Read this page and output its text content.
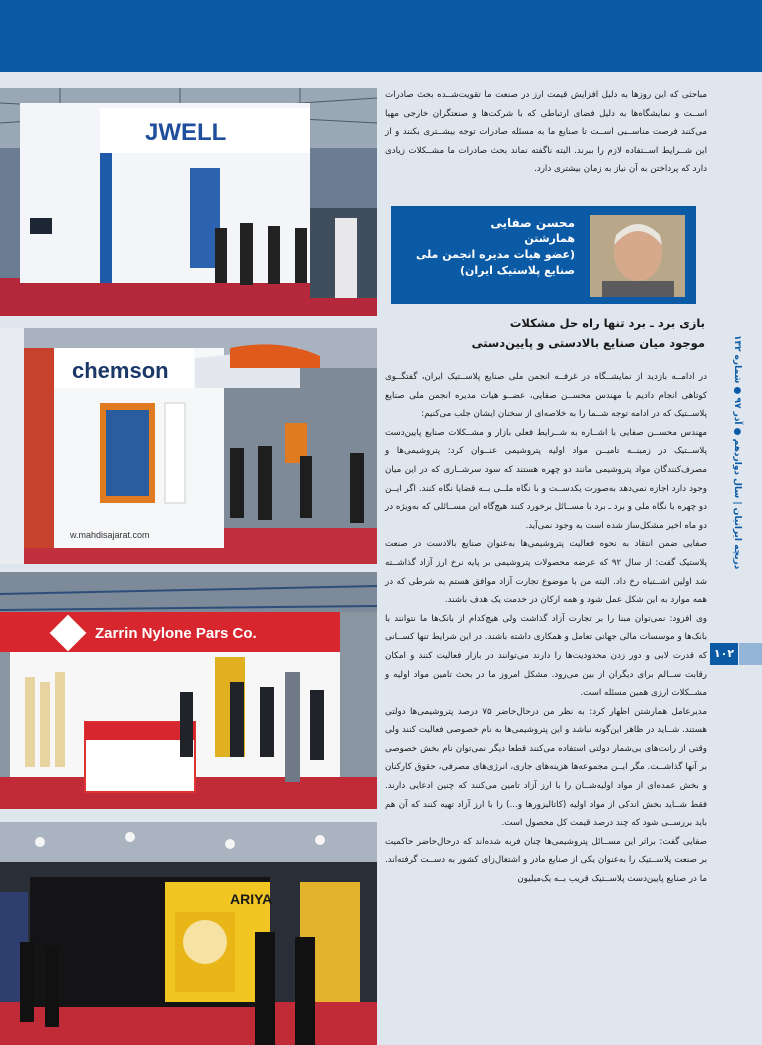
JWELL
chemson
w.mahdisajarat.com
Zarrin Nylone Pars Co.
ARIYA

مباحثی که این روزها به دلیل افزایش قیمت ارز در صنعت ما تقویت‌شــده بحث صادرات اســت و نمایشگاه‌ها به دلیل فضای ارتباطی که با شرکت‌ها و صنعتگران خارجی مهیا می‌کنند فرصت مناســبی اســت تا صنایع ما به مسئله صادرات توجه بیشــتری بکنند و از این شــرایط اســتفاده لازم را ببرند. البته ناگفته نماند بحث صادرات ما مشــکلات زیادی دارد که پرداختن به آن نیاز به زمان بیشتری دارد.

محسن صفایی
همارشتن
(عضو هیات مدیره انجمن ملی
صنایع پلاستیک ایران)
بازی برد ـ برد تنها راه حل مشکلات
موجود میان صنایع بالادستی و پایین‌دستی

در ادامــه بازدید از نمایشــگاه در غرفــه انجمن ملی صنایع پلاســتیک ایران، گفتگــوی کوتاهی انجام دادیم با مهندس محســن صفایی، عضــو هیات مدیره انجمن ملی صنایع پلاســتیک که در ادامه توجه شــما را به خلاصه‌ای از سخنان ایشان جلب می‌کنیم:

مهندس محســن صفایی با اشــاره به شــرایط فعلی بازار و مشــکلات صنایع پایین‌دست پلاســتیک در زمینــه تامیــن مواد اولیه پتروشیمی عنــوان کرد: پتروشیمی‌ها و مصرف‌کنندگان مواد پتروشیمی مانند دو چهره هستند که سود سرشــاری که در این میان وجود دارد اجازه نمی‌دهد به‌صورت یکدســت و با نگاه ملــی بــه قضایا نگاه کنند. اگر ایــن دو چهره با نگاه ملی و برد ـ برد با مســائل برخورد کنند هیچ‌گاه این مســائلی که به‌ویژه در دو ماه اخیر مشکل‌ساز شده است به وجود نمی‌آید.

صفایی ضمن انتقاد به نحوه فعالیت پتروشیمی‌ها به‌عنوان صنایع بالادست در صنعت پلاستیک گفت: از سال ۹۲ که عرضه محصولات پتروشیمی بر پایه نرخ ارز آزاد گذاشــته شد اولین اشــتباه رخ داد. البته من با موضوع تجارت آزاد موافق هستم به شرطی که در همه موارد به این شکل عمل شود و همه ارکان در خدمت یک هدف باشند.

وی افزود: نمی‌توان مبنا را بر تجارت آزاد گذاشت ولی هیچ‌کدام از بانک‌ها ما نتوانند با بانک‌ها و موسسات مالی جهانی تعامل و همکاری داشته باشند. در این شرایط تنها کســانی که قدرت لابی و دور زدن محدودیت‌ها را دارند می‌توانند در بازار فعالیت کنند و امکان رقابت ســالم برای دیگران از بین می‌رود. مشکل امروز ما در بحث تامین مواد اولیه و مشــکلات ارزی همین مسئله است.

مدیرعامل همارشتن اظهار کرد: به نظر من درحال‌حاضر ۷۵ درصد پتروشیمی‌ها دولتی هستند. شــاید در ظاهر این‌گونه نباشد و این پتروشیمی‌ها به نام خصوصی فعالیت کنند ولی وقتی از رانت‌های بی‌شمار دولتی استفاده می‌کنند قطعا دیگر نمی‌توان نام بخش خصوصی بر آنها گذاشــت. مگر ایــن مجموعه‌ها هزینه‌های جاری، انرژی‌های مصرفی، حقوق کارکنان و بخش عمده‌ای از مواد اولیه‌شــان را با ارز آزاد تامین می‌کنند که چنین ادعایی دارند. فقط شــاید بخش اندکی از مواد اولیه (کاتالیزورها و...) را با ارز آزاد تهیه کنند که آن هم باید بررســی شود که چند درصد قیمت کل محصول است.

صفایی گفت: براثر این مســائل پتروشیمی‌ها چنان فربه شده‌اند که درحال‌حاضر حاکمیت بر صنعت پلاســتیک را به‌عنوان یکی از صنایع مادر و اشتغال‌زای کشور به دســت گرفته‌اند. ما در صنایع پایین‌دست پلاســتیک قریب بــه یک‌میلیون

دریچه ایرانیان | سال دوازدهم ● آذر ۹۷ ● شماره ۱۳۲
۱۰۲
